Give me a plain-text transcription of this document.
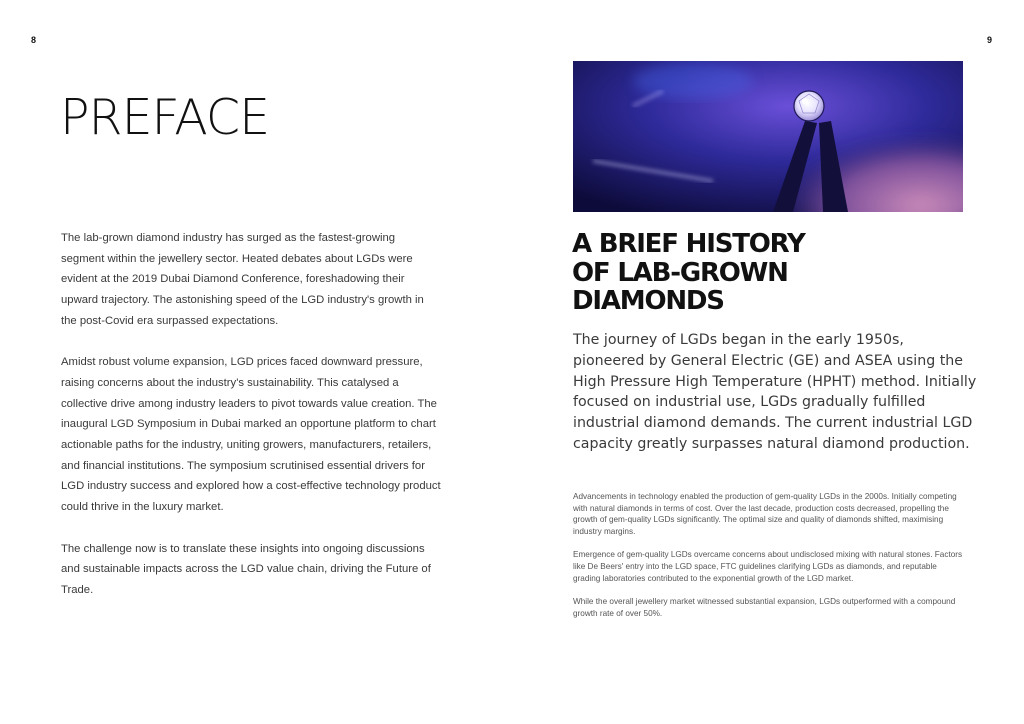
8	9
PREFACE

The lab-grown diamond industry has surged as the fastest-growing segment within the jewellery sector. Heated debates about LGDs were evident at the 2019 Dubai Diamond Conference, foreshadowing their upward trajectory. The astonishing speed of the LGD industry's growth in the post-Covid era surpassed expectations.

Amidst robust volume expansion, LGD prices faced downward pressure, raising concerns about the industry's sustainability. This catalysed a collective drive among industry leaders to pivot towards value creation. The inaugural LGD Symposium in Dubai marked an opportune platform to chart actionable paths for the industry, uniting growers, manufacturers, retailers, and financial institutions. The symposium scrutinised essential drivers for LGD industry success and explored how a cost-effective technology product could thrive in the luxury market.

The challenge now is to translate these insights into ongoing discussions and sustainable impacts across the LGD value chain, driving the Future of Trade.

A BRIEF HISTORY
OF LAB-GROWN
DIAMONDS

The journey of LGDs began in the early 1950s, pioneered by General Electric (GE) and ASEA using the High Pressure High Temperature (HPHT) method. Initially focused on industrial use, LGDs gradually fulfilled industrial diamond demands. The current industrial LGD capacity greatly surpasses natural diamond production.

Advancements in technology enabled the production of gem-quality LGDs in the 2000s. Initially competing with natural diamonds in terms of cost. Over the last decade, production costs decreased, propelling the growth of gem-quality LGDs significantly. The optimal size and quality of diamonds shifted, maximising industry margins.

Emergence of gem-quality LGDs overcame concerns about undisclosed mixing with natural stones. Factors like De Beers' entry into the LGD space, FTC guidelines clarifying LGDs as diamonds, and reputable grading laboratories contributed to the exponential growth of the LGD market.

While the overall jewellery market witnessed substantial expansion, LGDs outperformed with a compound growth rate of over 50%.
